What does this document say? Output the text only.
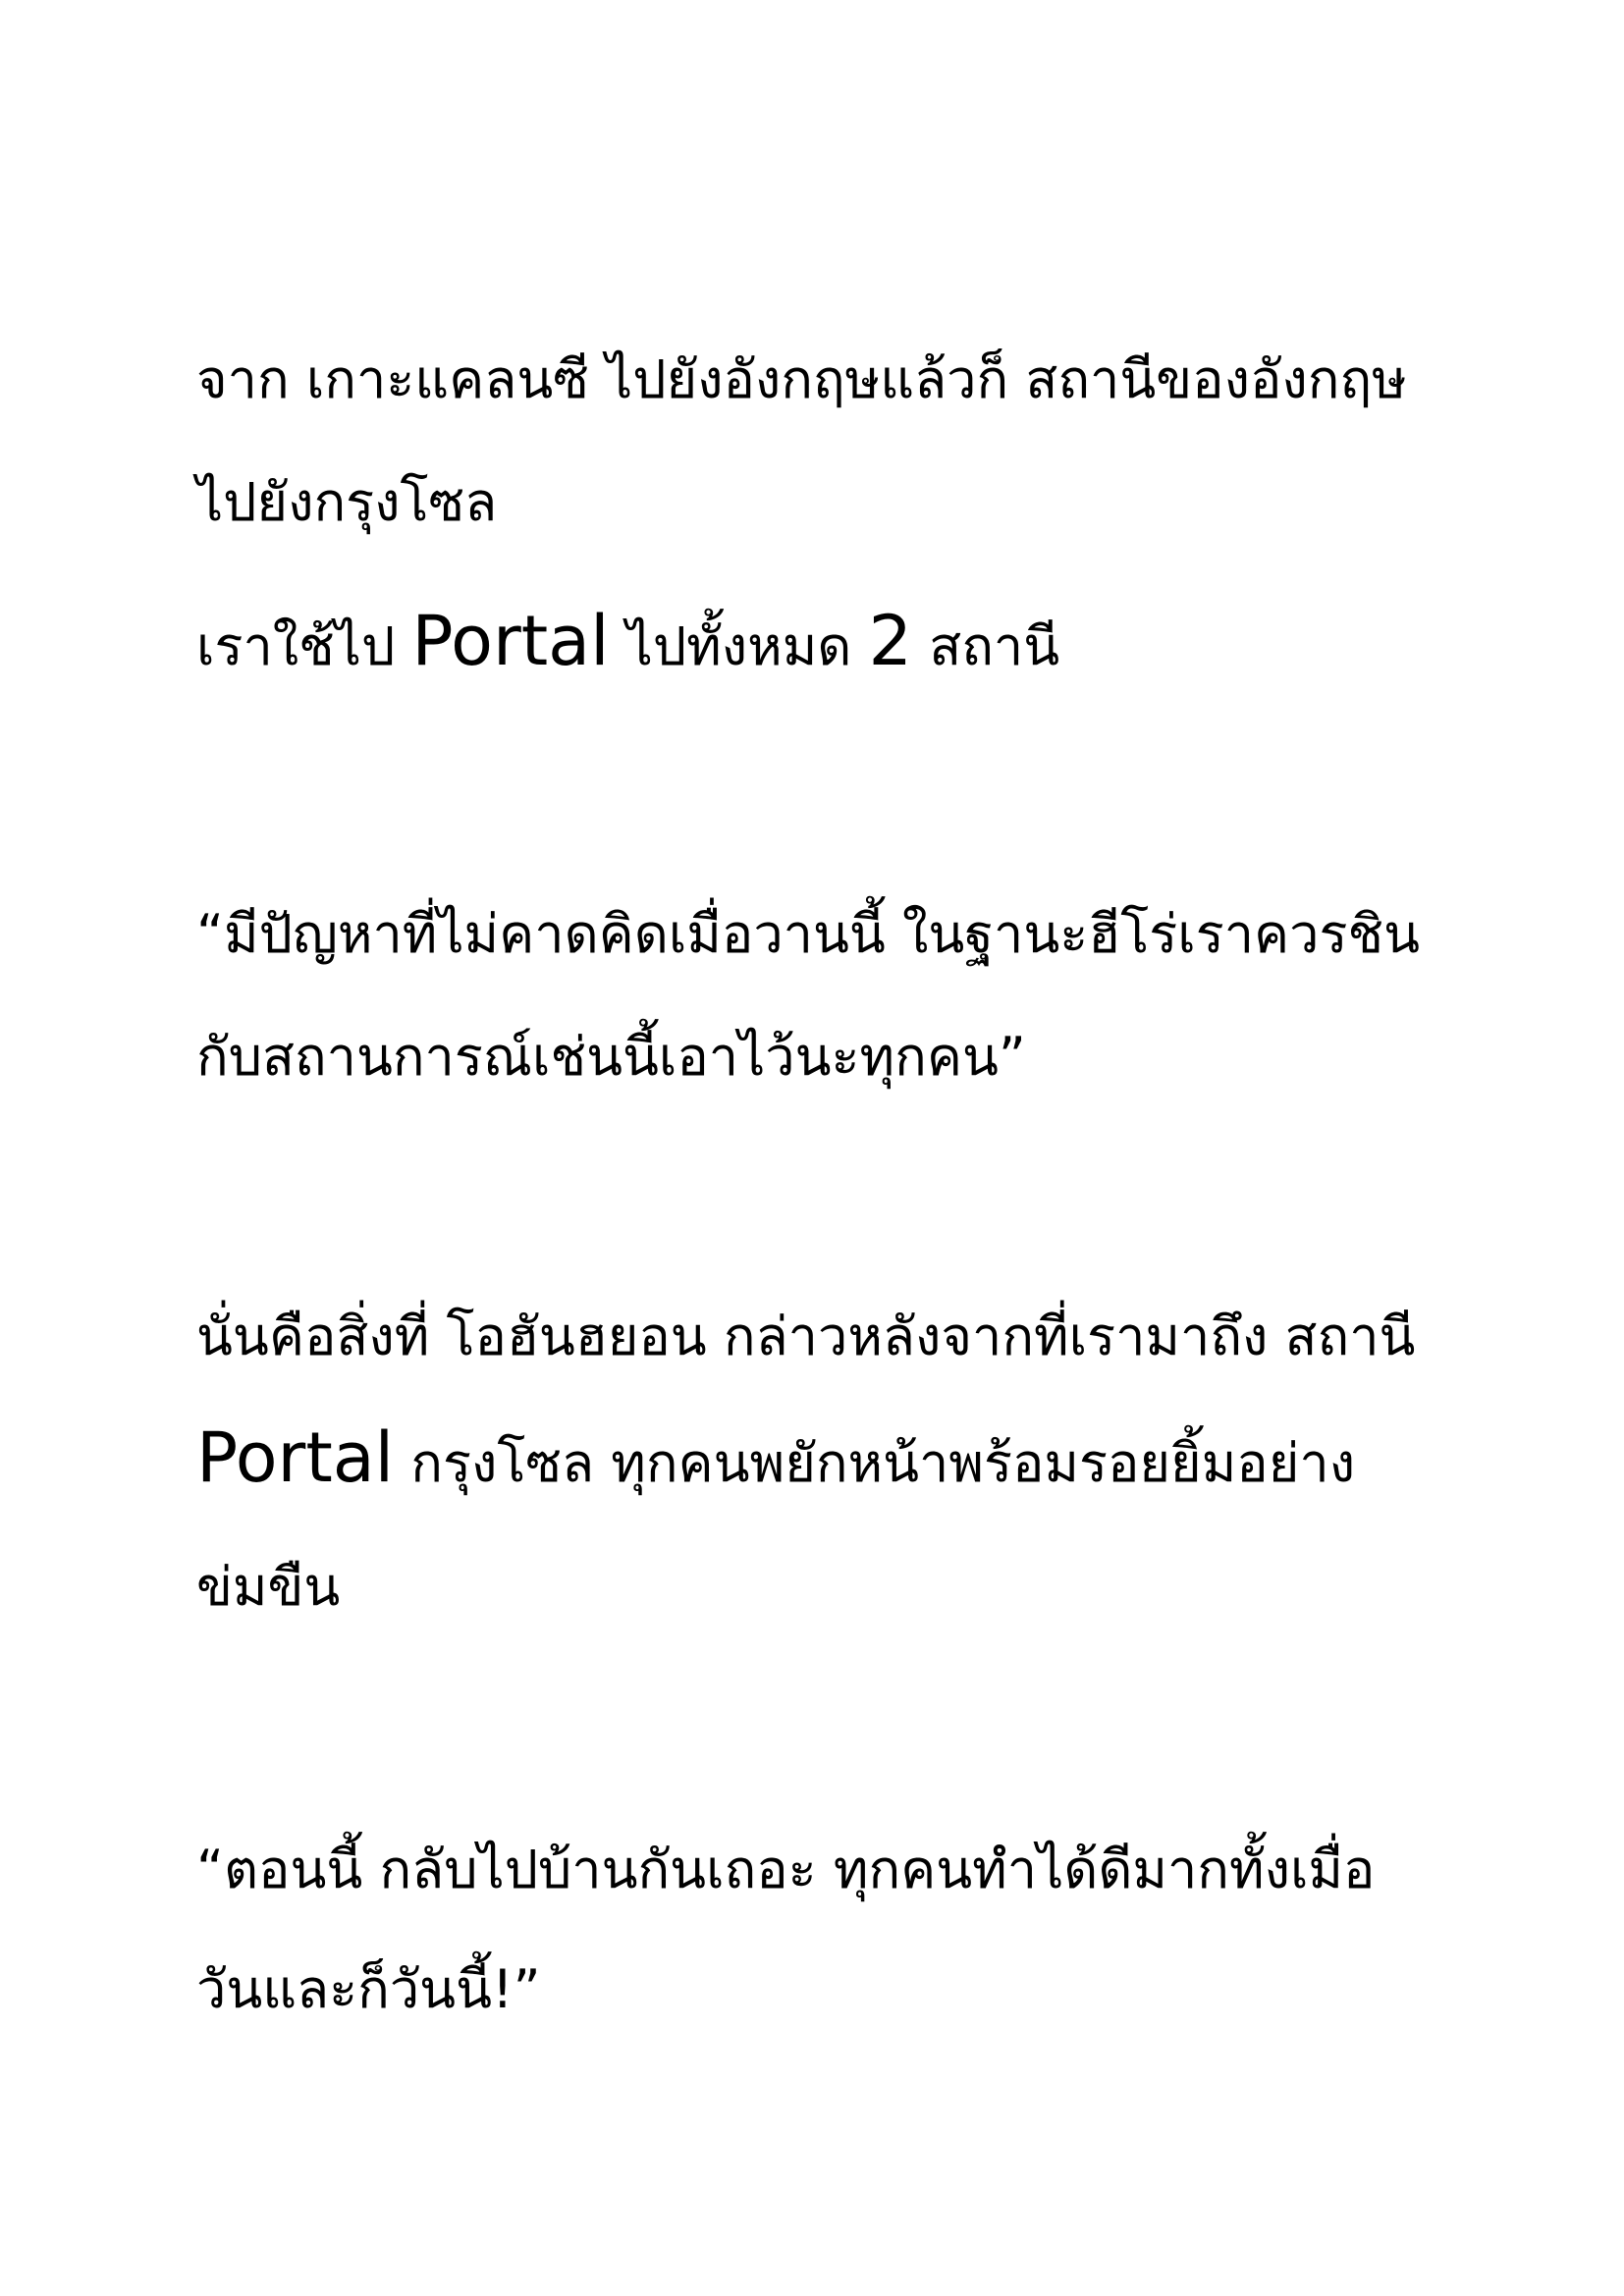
จาก เกาะแคลนซี ไปยังอังกฤษแล้วก็ สถานีของอังกฤษ
ไปยังกรุงโซล
เราใช้ไป Portal ไปทั้งหมด 2 สถานี
“มีปัญหาที่ไม่คาดคิดเมื่อวานนี้ ในฐานะฮีโร่เราควรชิน
กับสถานการณ์เช่นนี้เอาไว้นะทุกคน”
นั่นคือสิ่งที่ โอฮันฮยอน กล่าวหลังจากที่เรามาถึง สถานี
Portal กรุงโซล ทุกคนพยักหน้าพร้อมรอยยิ้มอย่าง
ข่มขืน
“ตอนนี้ กลับไปบ้านกันเถอะ ทุกคนทำได้ดีมากทั้งเมื่อ
วันและก็วันนี้!”
